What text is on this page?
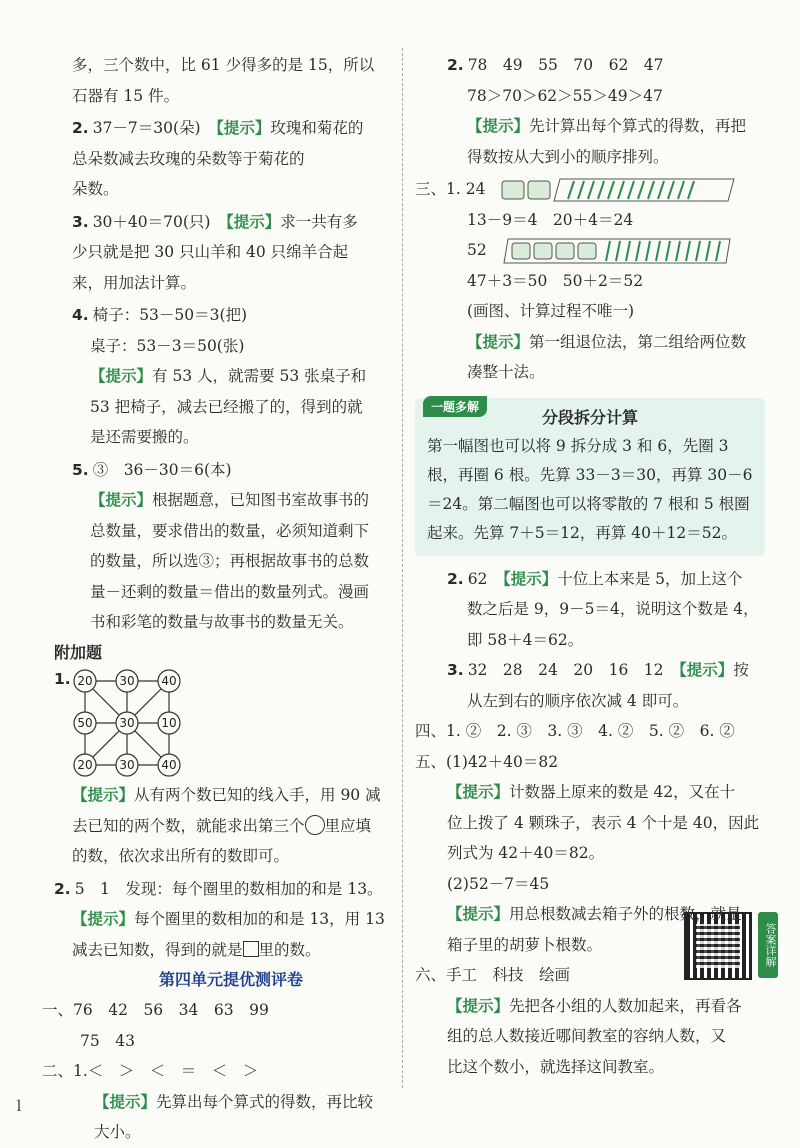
多，三个数中，比 61 少得多的是 15，所以
石器有 15 件。
2. 37－7＝30(朵)　 【提示】玫瑰和菊花的
总朵数减去玫瑰的朵数等于菊花的
朵数。
3. 30＋40＝70(只)　 【提示】求一共有多
少只就是把 30 只山羊和 40 只绵羊合起
来，用加法计算。
4. 椅子：53－50＝3(把)
桌子：53－3＝50(张)
【提示】有 53 人，就需要 53 张桌子和
53 把椅子，减去已经搬了的，得到的就
是还需要搬的。
5. ③　36－30＝6(本)
【提示】根据题意，已知图书室故事书的
总数量，要求借出的数量，必须知道剩下
的数量，所以选③；再根据故事书的总数
量－还剩的数量＝借出的数量列式。漫画
书和彩笔的数量与故事书的数量无关。
附加题
1. 20 30 40
50 30 10
20 30 40
【提示】从有两个数已知的线入手，用 90 减
去已知的两个数，就能求出第三个 里应填
的数，依次求出所有的数即可。
2. 5　1　发现：每个圈里的数相加的和是 13。
【提示】每个圈里的数相加的和是 13，用 13
减去已知数，得到的就是 里的数。
第四单元提优测评卷
一、76　42　56　34　63　99
75　43
二、1.＜　＞　＜　＝　＜　＞
【提示】先算出每个算式的得数，再比较
大小。
答案详解
2. 78　49　55　70　62　47
78＞70＞62＞55＞49＞47
【提示】先计算出每个算式的得数，再把
得数按从大到小的顺序排列。
三、1. 24
13－9＝4　20＋4＝24
52
47＋3＝50　50＋2＝52
(画图、计算过程不唯一)
【提示】第一组退位法，第二组给两位数
凑整十法。
一题多解
分段拆分计算
第一幅图也可以将 9 拆分成 3 和 6，先圈 3 根，再圈 6 根。先算 33－3＝30，再算 30－6＝24。第二幅图也可以将零散的 7 根和 5 根圈起来。先算 7＋5＝12，再算 40＋12＝52。
2. 62　 【提示】十位上本来是 5，加上这个
数之后是 9，9－5＝4，说明这个数是 4，
即 58＋4＝62。
3. 32　28　24　20　16　12　 【提示】按
从左到右的顺序依次减 4 即可。
四、1. ②　2. ③　3. ③　4. ②　5. ②　6. ②
五、(1)42＋40＝82
【提示】计数器上原来的数是 42，又在十
位上拨了 4 颗珠子，表示 4 个十是 40，因此
列式为 42＋40＝82。
(2)52－7＝45
【提示】用总根数减去箱子外的根数，就是
箱子里的胡萝卜根数。
六、手工　科技　绘画
【提示】先把各小组的人数加起来，再看各
组的总人数接近哪间教室的容纳人数，又
比这个数小，就选择这间教室。
ｌ
